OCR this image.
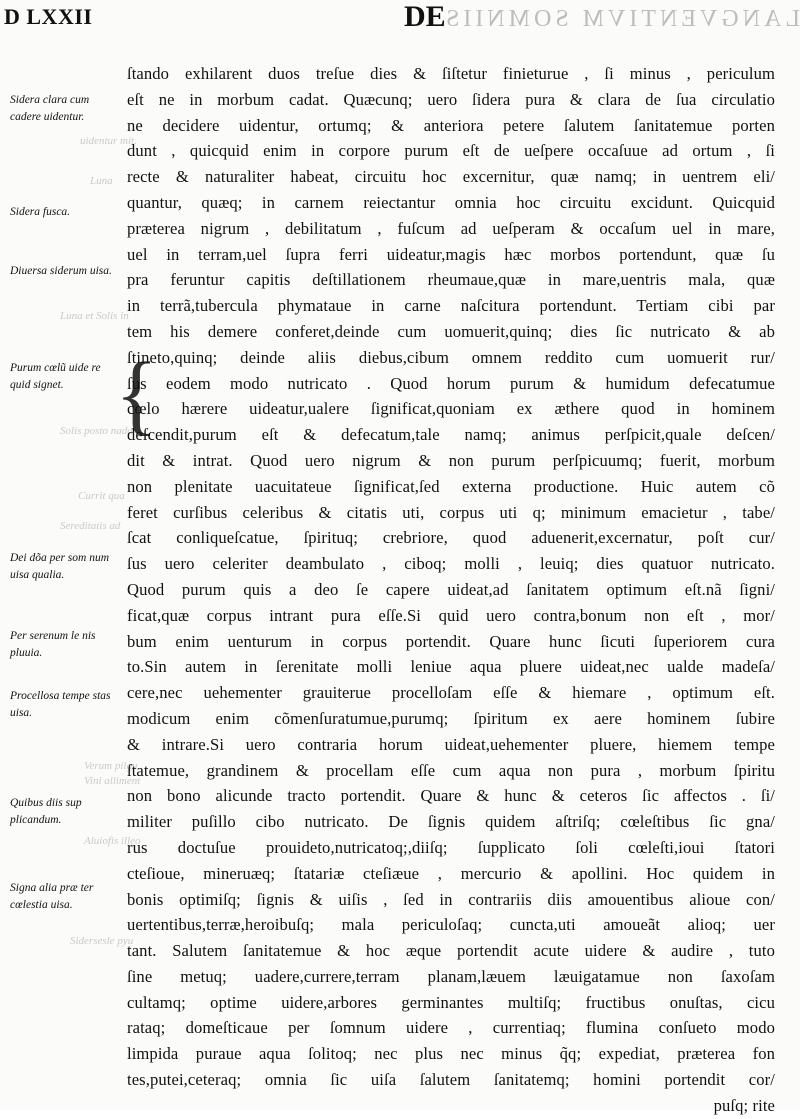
LANGVENTIVM SOMNIIS
D LXXII	DE
uidentur mit.
Luna
Luna et Solis in
Solis posto nada
Currit qua
Sereditatis ad
Verum pilgu
Vini alliment
Aluiofis illeo
Sidersesle pyu
{
Sidera clara cum cadere uidentur.
Sidera fusca.
Diuersa siderum uisa.
Purum cœlũ uide re quid signet.
Dei dõa per som num uisa qualia.
Per serenum le nis pluuia.
Procellosa tempe stas uisa.
Quibus diis sup plicandum.
Signa alia præ ter cœlestia uisa.
ſtando exhilarent duos treſue dies & ſiſtetur finieturue , ſi minus , periculum
eſt ne in morbum cadat. Quæcunq; uero ſidera pura & clara de ſua circulatio
ne decidere uidentur, ortumq; & anteriora petere ſalutem ſanitatemue porten
dunt , quicquid enim in corpore purum eſt de ueſpere occaſuue ad ortum , ſi
recte & naturaliter habeat, circuitu hoc excernitur, quæ namq; in uentrem eli/
quantur, quæq; in carnem reiectantur omnia hoc circuitu excidunt. Quicquid
præterea nigrum , debilitatum , fuſcum ad ueſperam & occaſum uel in mare,
uel in terram,uel ſupra ferri uideatur,magis hæc morbos portendunt, quæ ſu
pra feruntur capitis deſtillationem rheumaue,quæ in mare,uentris mala, quæ
in terrã,tubercula phymataue in carne naſcitura portendunt. Tertiam cibi par
tem his demere conferet,deinde cum uomuerit,quinq; dies ſic nutricato & ab
ſtineto,quinq; deinde aliis diebus,cibum omnem reddito cum uomuerit rur/
ſus eodem modo nutricato . Quod horum purum & humidum defecatumue
cœlo hærere uideatur,ualere ſignificat,quoniam ex æthere quod in hominem
deſcendit,purum eſt & defecatum,tale namq; animus perſpicit,quale deſcen/
dit & intrat. Quod uero nigrum & non purum perſpicuumq; fuerit, morbum
non plenitate uacuitateue ſignificat,ſed externa productione. Huic autem cõ
feret curſibus celeribus & citatis uti, corpus uti q; minimum emacietur , tabe/
ſcat conliqueſcatue, ſpirituq; crebriore, quod aduenerit,excernatur, poſt cur/
ſus uero celeriter deambulato , ciboq; molli , leuiq; dies quatuor nutricato.
Quod purum quis a deo ſe capere uideat,ad ſanitatem optimum eſt.nã ſigni/
ficat,quæ corpus intrant pura eſſe.Si quid uero contra,bonum non eſt , mor/
bum enim uenturum in corpus portendit. Quare hunc ſicuti ſuperiorem cura
to.Sin autem in ſerenitate molli leniue aqua pluere uideat,nec ualde madeſa/
cere,nec uehementer grauiterue procelloſam eſſe & hiemare , optimum eſt.
modicum enim cõmenſuratumue,purumq; ſpiritum ex aere hominem ſubire
& intrare.Si uero contraria horum uideat,uehementer pluere, hiemem tempe
ſtatemue, grandinem & procellam eſſe cum aqua non pura , morbum ſpiritu
non bono alicunde tracto portendit. Quare & hunc & ceteros ſic affectos . ſi/
militer puſillo cibo nutricato. De ſignis quidem aſtriſq; cœleſtibus ſic gna/
rus doctuſue prouideto,nutricatoq;,diiſq; ſupplicato ſoli cœleſti,ioui ſtatori
cteſioue, mineruæq; ſtatariæ cteſiæue , mercurio & apollini. Hoc quidem in
bonis optimiſq; ſignis & uiſis , ſed in contrariis diis amouentibus alioue con/
uertentibus,terræ,heroibuſq; mala periculoſaq; cuncta,uti amoueãt alioq; uer
tant. Salutem ſanitatemue & hoc æque portendit acute uidere & audire , tuto
ſine metuq; uadere,currere,terram planam,læuem læuigatamue non ſaxoſam
cultamq; optime uidere,arbores germinantes multiſq; fructibus onuſtas, cicu
rataq; domeſticaue per ſomnum uidere , currentiaq; flumina conſueto modo
limpida puraue aqua ſolitoq; nec plus nec minus q̃q; expediat, præterea fon
tes,putei,ceteraq; omnia ſic uiſa ſalutem ſanitatemq; homini portendit cor/
puſq; rite
